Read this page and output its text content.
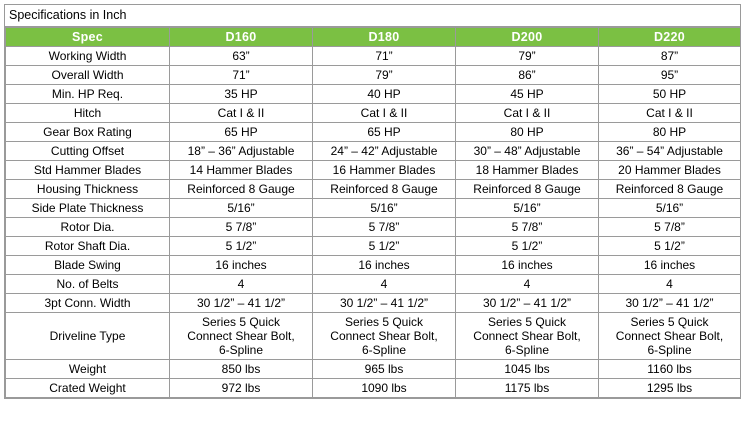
Specifications in Inch
Spec	D160	D180	D200	D220
Working Width	63”	71”	79”	87”
Overall Width	71”	79”	86”	95”
Min. HP Req.	35 HP	40 HP	45 HP	50 HP
Hitch	Cat I & II	Cat I & II	Cat I & II	Cat I & II
Gear Box Rating	65 HP	65 HP	80 HP	80 HP
Cutting Offset	18” – 36” Adjustable	24” – 42” Adjustable	30” – 48” Adjustable	36” – 54” Adjustable
Std Hammer Blades	14 Hammer Blades	16 Hammer Blades	18 Hammer Blades	20 Hammer Blades
Housing Thickness	Reinforced 8 Gauge	Reinforced 8 Gauge	Reinforced 8 Gauge	Reinforced 8 Gauge
Side Plate Thickness	5/16”	5/16”	5/16”	5/16”
Rotor Dia.	5 7/8”	5 7/8”	5 7/8”	5 7/8”
Rotor Shaft Dia.	5 1/2”	5 1/2”	5 1/2”	5 1/2”
Blade Swing	16 inches	16 inches	16 inches	16 inches
No. of Belts	4	4	4	4
3pt Conn. Width	30 1/2” – 41 1/2”	30 1/2” – 41 1/2”	30 1/2” – 41 1/2”	30 1/2” – 41 1/2”
Driveline Type	Series 5 Quick
Connect Shear Bolt,
6-Spline	Series 5 Quick
Connect Shear Bolt,
6-Spline	Series 5 Quick
Connect Shear Bolt,
6-Spline	Series 5 Quick
Connect Shear Bolt,
6-Spline

Weight	850 lbs	965 lbs	1045 lbs	1160 lbs
Crated Weight	972 lbs	1090 lbs	1175 lbs	1295 lbs
